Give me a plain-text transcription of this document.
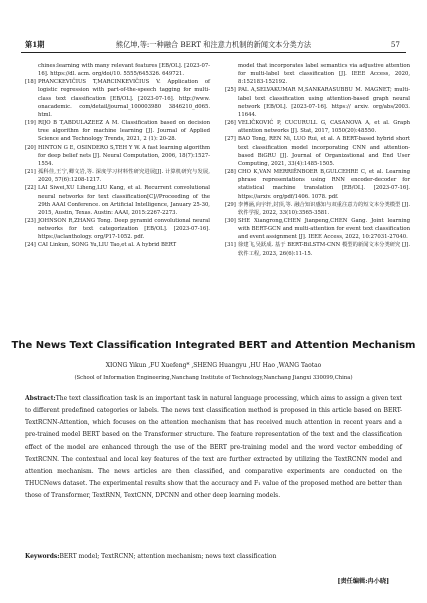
第1期	熊亿坤,等:一种融合 BERT 和注意力机制的新闻文本分类方法	57
chines:learning with many relevant features [EB/OL]. [2023-07-16]. https://dl. acm. org/doi/10. 5555/645326. 649721.
[18] PRANCKEVIČIUS T,MARCINKEVIČIUS V. Application of logistic regression with part-of-the-speech tagging for multi-class text classification [EB/OL]. [2023-07-16]. http://www. onacademic. com/detail/journal_100003980 3846210_d065. html.
[19] RIJO B T,ABDULAZEEZ A M. Classification based on decision tree algorithm for machine learning [J]. Journal of Applied Science and Technology Trends, 2021, 2 (1): 20-28.
[20] HINTON G E, OSINDERO S,TEH Y W. A fast learning algorithm for deep belief nets [J]. Neural Computation, 2006, 18(7):1527-1554.
[21] 孤科佳,王宁,卿文岩,等. 深度学习材料性研究进展[J]. 计算机研究与发展, 2020, 57(6):1208-1217.
[22] LAI Siwei,XU Liheng,LIU Kang, et al. Recurrent convolutional neural networks for text classification[C]//Proceeding of the 29th AAAI Conference. on Artificial Intelligence, January 25-30, 2015, Austin, Texas. Austin: AAAI, 2015:2267-2273.
[23] JOHNSON R,ZHANG Tong. Deep pyramid convolutional neural networks for text categorization [EB/OL]. [2023-07-16]. https://aclanthology. org/P17-1052. pdf.
[24] CAI Linkun, SONG Yu,LIU Tao,et al. A hybrid BERT
model that incorporates label semantics via adjustive attention for multi-label text classification [J]. IEEE Access, 2020, 8:152183-152192.
[25] PAL A,SELVAKUMAR M,SANKARASUBBU M. MAGNET; multi-label text classification using attention-based graph neural network [EB/OL]. [2023-07-16]. https:// arxiv. org/abs/2003. 11644.
[26] VELIČKOVIĆ P, CUCURULL G, CASANOVA A, et al. Graph attention networks [J]. Stat, 2017, 1050(20):48550.
[27] BAO Tong, REN Ni, LUO Rui, et al. A BERT-based hybrid short text classification model incorporating CNN and attention-based BiGRU [J]. Journal of Organizational and End User Computing, 2021, 33(4):1485-1505.
[28] CHO K,VAN MERRIËNBOER B,GULCEHRE C, et al. Learning phrase representations using RNN encoder-decoder for statistical machine translation [EB/OL]. [2023-07-16]. https://arxiv. org/pdf/1406. 1078. pdf.
[29] 李博涵,向宇轩,封顶,等. 融合知识感知与双重注意力的短文本分类模型 [J]. 软件学报, 2022, 33(10):3565-3581.
[30] SHE Xiangrong,CHEN Jianpeng,CHEN Gang. Joint learning with BERT-GCN and multi-attention for event text classification and event assignment [J]. IEEE Access, 2022, 10:27031-27040.
[31] 徐建飞,吴跃成. 基于 BERT-BiLSTM-CNN 模型的新闻文本分类研究 [J]. 软件工程, 2023, 26(6):11-15.
The News Text Classification Integrated BERT and Attention Mechanism
XIONG Yikun ,FU Xuefeng* ,SHENG Huangyu ,HU Hao ,WANG Taotao
(School of Information Engineering,Nanchang Institute of Technology,Nanchang Jiangxi 330099,China)
Abstract:The text classification task is an important task in natural language processing, which aims to assign a given text to different predefined categories or labels. The news text classification method is proposed in this article based on BERT-TextRCNN-Attention, which focuses on the attention mechanism that has received much attention in recent years and a pre-trained model BERT based on the Transformer structure. The feature representation of the text and the classification effect of the model are enhanced through the use of the BERT pre-training model and the word vector embedding of TextRCNN. The contextual and local key features of the text are further extracted by utilizing the TextRCNN model and attention mechanism. The news articles are then classified, and comparative experiments are conducted on the THUCNews dataset. The experimental results show that the accuracy and F₁ value of the proposed method are better than those of Transformer, TextRNN, TextCNN, DPCNN and other deep learning models.
Keywords:BERT model; TextRCNN; attention mechanism; news text classification
[责任编辑:冉小晓]
